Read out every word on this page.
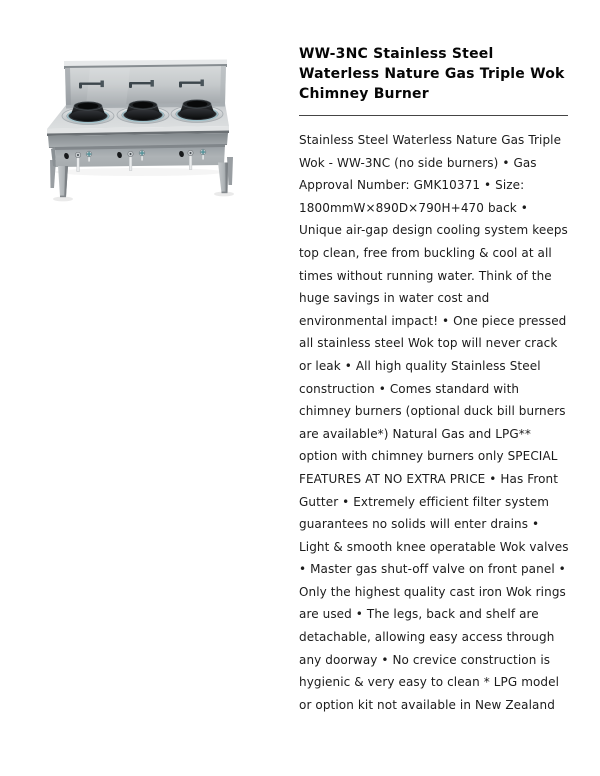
WW-3NC Stainless Steel Waterless Nature Gas Triple Wok Chimney Burner

Stainless Steel Waterless Nature Gas Triple Wok - WW-3NC (no side burners) • Gas Approval Number: GMK10371 • Size: 1800mmW×890D×790H+470 back • Unique air-gap design cooling system keeps top clean, free from buckling & cool at all times without running water. Think of the huge savings in water cost and environmental impact! • One piece pressed all stainless steel Wok top will never crack or leak • All high quality Stainless Steel construction • Comes standard with chimney burners (optional duck bill burners are available*) Natural Gas and LPG** option with chimney burners only SPECIAL FEATURES AT NO EXTRA PRICE • Has Front Gutter • Extremely efficient filter system guarantees no solids will enter drains • Light & smooth knee operatable Wok valves • Master gas shut-off valve on front panel • Only the highest quality cast iron Wok rings are used • The legs, back and shelf are detachable, allowing easy access through any doorway • No crevice construction is hygienic & very easy to clean * LPG model or option kit not available in New Zealand
